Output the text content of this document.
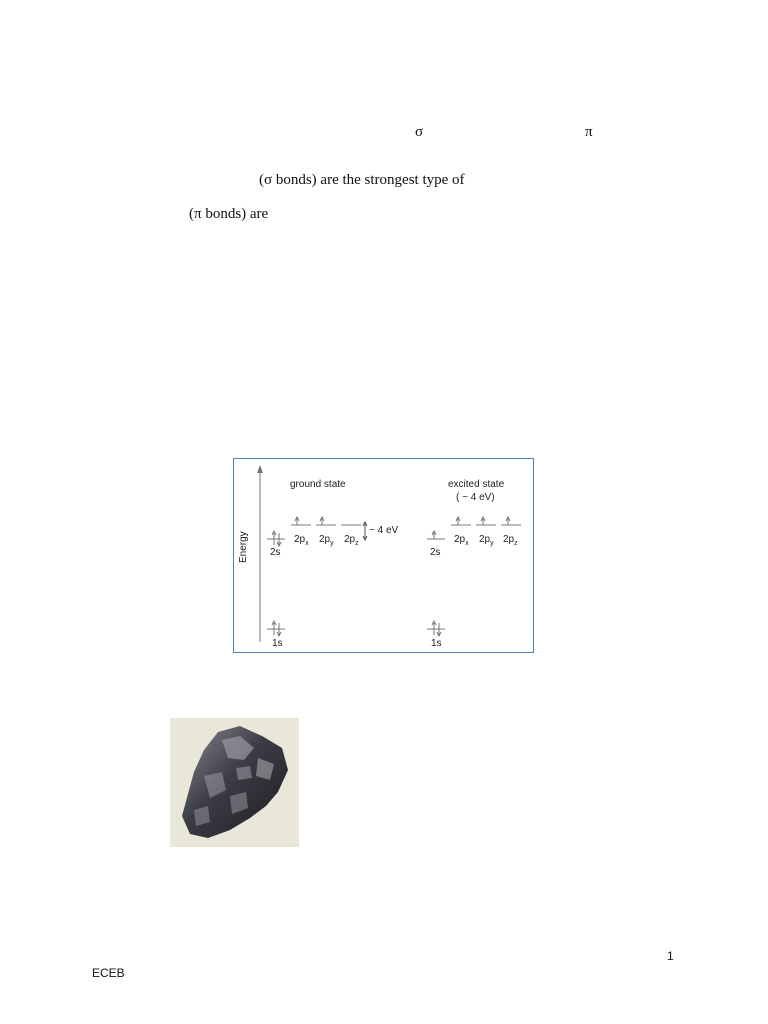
σ	π
(σ bonds) are the strongest type of
(π bonds) are
Energy
ground state	excited state
( ~ 4 eV)
2s
$2p_x$ $2p_y$ $2p_z$
~ 4 eV
1s
2s
$2p_x$ $2p_y$ $2p_z$
1s
1
ECEB
